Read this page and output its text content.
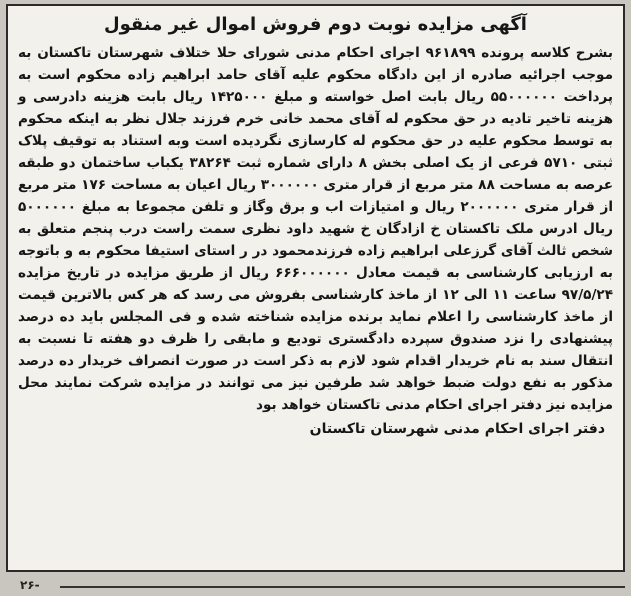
آگهی مزایده نوبت دوم فروش اموال غیر منقول
بشرح کلاسه پرونده ۹۶۱۸۹۹ اجرای احکام مدنی شورای حلا ختلاف شهرستان تاکستان به موجب اجرائیه صادره از این دادگاه محکوم علیه آقای حامد ابراهیم زاده محکوم است به پرداخت ۵۵۰۰۰۰۰۰ ریال بابت اصل خواسته و مبلغ ۱۴۲۵۰۰۰ ریال بابت هزینه دادرسی و هزینه تاخیر تادیه در حق محکوم له آقای محمد خانی خرم فرزند جلال نظر به اینکه محکوم به توسط محکوم علیه در حق محکوم له کارسازی نگردیده است وبه استناد به توقیف پلاک ثبتی ۵۷۱۰ فرعی از یک اصلی بخش ۸ دارای شماره ثبت ۳۸۲۶۴ یکباب ساختمان دو طبقه عرصه به مساحت ۸۸ متر مربع از قرار متری ۳۰۰۰۰۰۰ ریال اعیان به مساحت ۱۷۶ متر مربع از قرار متری ۲۰۰۰۰۰۰ ریال و امتیازات اب و برق وگاز و تلفن مجموعا به مبلغ ۵۰۰۰۰۰۰ ریال ادرس ملک تاکستان خ ازادگان خ شهید داود نظری سمت راست درب پنجم متعلق به شخص ثالث آقای گرزعلی ابراهیم زاده فرزندمحمود در ر استای استیفا محکوم به و باتوجه به ارزیابی کارشناسی به قیمت معادل ۶۶۶۰۰۰۰۰۰ ریال از طریق مزایده در تاریخ مزایده ۹۷/۵/۲۴ ساعت ۱۱ الی ۱۲ از ماخذ کارشناسی بفروش می رسد که هر کس بالاترین قیمت از ماخذ کارشناسی را اعلام نماید برنده مزایده شناخته شده و فی المجلس باید ده درصد پیشنهادی را نزد صندوق سپرده دادگستری تودیع و مابقی را ظرف دو هفته تا نسبت به انتقال سند به نام خریدار اقدام شود لازم به ذکر است در صورت انصراف خریدار ده درصد مذکور به نفع دولت ضبط خواهد شد طرفین نیز می توانند در مزایده شرکت نمایند محل مزایده نیز دفتر اجرای احکام مدنی تاکستان خواهد بود
دفتر اجرای احکام مدنی شهرستان تاکستان
-۲۶
